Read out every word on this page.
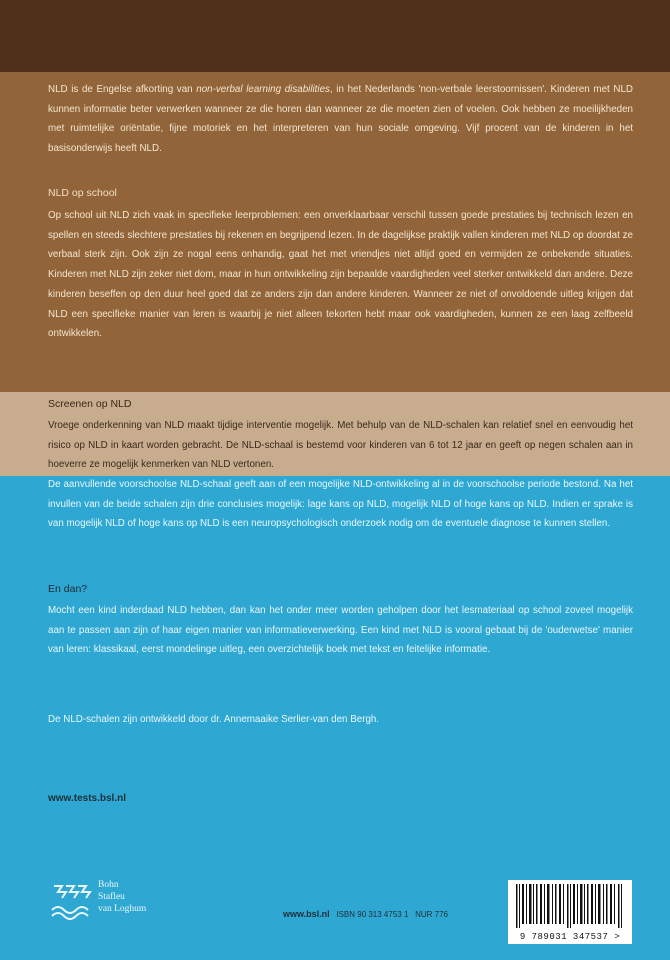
NLD is de Engelse afkorting van non-verbal learning disabilities, in het Nederlands 'non-verbale leerstoornissen'. Kinderen met NLD kunnen informatie beter verwerken wanneer ze die horen dan wanneer ze die moeten zien of voelen. Ook hebben ze moeilijkheden met ruimtelijke oriëntatie, fijne motoriek en het interpreteren van hun sociale omgeving. Vijf procent van de kinderen in het basisonderwijs heeft NLD.

NLD op school

Op school uit NLD zich vaak in specifieke leerproblemen: een onverklaarbaar verschil tussen goede prestaties bij technisch lezen en spellen en steeds slechtere prestaties bij rekenen en begrijpend lezen. In de dagelijkse praktijk vallen kinderen met NLD op doordat ze verbaal sterk zijn. Ook zijn ze nogal eens onhandig, gaat het met vriendjes niet altijd goed en vermijden ze onbekende situaties. Kinderen met NLD zijn zeker niet dom, maar in hun ontwikkeling zijn bepaalde vaardigheden veel sterker ontwikkeld dan andere. Deze kinderen beseffen op den duur heel goed dat ze anders zijn dan andere kinderen. Wanneer ze niet of onvoldoende uitleg krijgen dat NLD een specifieke manier van leren is waarbij je niet alleen tekorten hebt maar ook vaardigheden, kunnen ze een laag zelfbeeld ontwikkelen.

Screenen op NLD

Vroege onderkenning van NLD maakt tijdige interventie mogelijk. Met behulp van de NLD-schalen kan relatief snel en eenvoudig het risico op NLD in kaart worden gebracht. De NLD-schaal is bestemd voor kinderen van 6 tot 12 jaar en geeft op negen schalen aan in hoeverre ze mogelijk kenmerken van NLD vertonen.

De aanvullende voorschoolse NLD-schaal geeft aan of een mogelijke NLD-ontwikkeling al in de voorschoolse periode bestond. Na het invullen van de beide schalen zijn drie conclusies mogelijk: lage kans op NLD, mogelijk NLD of hoge kans op NLD. Indien er sprake is van mogelijk NLD of hoge kans op NLD is een neuropsychologisch onderzoek nodig om de eventuele diagnose te kunnen stellen.

En dan?

Mocht een kind inderdaad NLD hebben, dan kan het onder meer worden geholpen door het lesmateriaal op school zoveel mogelijk aan te passen aan zijn of haar eigen manier van informatieverwerking. Een kind met NLD is vooral gebaat bij de 'ouderwetse' manier van leren: klassikaal, eerst mondelinge uitleg, een overzichtelijk boek met tekst en feitelijke informatie.

De NLD-schalen zijn ontwikkeld door dr. Annemaaike Serlier-van den Bergh.

www.tests.bsl.nl
Bohn
Stafleu
van Loghum	www.bsl.nl ISBN 90 313 4753 1 NUR 776
9 789031 347537 >
